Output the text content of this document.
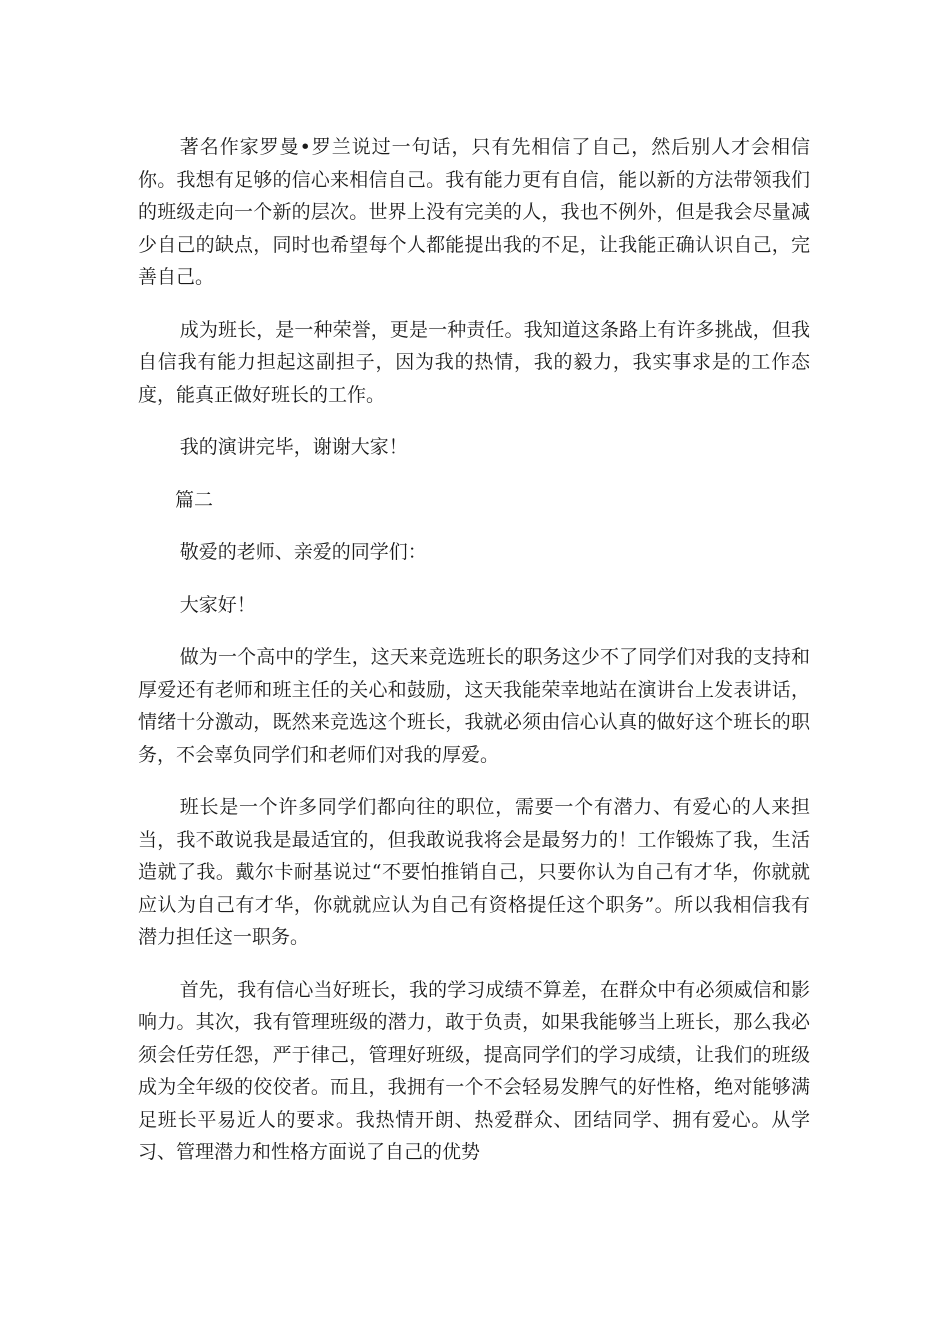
著名作家罗曼•罗兰说过一句话，只有先相信了自己，然后别人才会相信你。我想有足够的信心来相信自己。我有能力更有自信，能以新的方法带领我们的班级走向一个新的层次。世界上没有完美的人，我也不例外，但是我会尽量减少自己的缺点，同时也希望每个人都能提出我的不足，让我能正确认识自己，完善自己。

成为班长，是一种荣誉，更是一种责任。我知道这条路上有许多挑战，但我自信我有能力担起这副担子，因为我的热情，我的毅力，我实事求是的工作态度，能真正做好班长的工作。

我的演讲完毕，谢谢大家！

篇二

敬爱的老师、亲爱的同学们：

大家好！

做为一个高中的学生，这天来竞选班长的职务这少不了同学们对我的支持和厚爱还有老师和班主任的关心和鼓励，这天我能荣幸地站在演讲台上发表讲话，情绪十分激动，既然来竞选这个班长，我就必须由信心认真的做好这个班长的职务，不会辜负同学们和老师们对我的厚爱。

班长是一个许多同学们都向往的职位，需要一个有潜力、有爱心的人来担当，我不敢说我是最适宜的，但我敢说我将会是最努力的！工作锻炼了我，生活造就了我。戴尔卡耐基说过“不要怕推销自己，只要你认为自己有才华，你就就应认为自己有才华，你就就应认为自己有资格提任这个职务”。所以我相信我有潜力担任这一职务。

首先，我有信心当好班长，我的学习成绩不算差，在群众中有必须威信和影响力。其次，我有管理班级的潜力，敢于负责，如果我能够当上班长，那么我必须会任劳任怨，严于律己，管理好班级，提高同学们的学习成绩，让我们的班级成为全年级的佼佼者。而且，我拥有一个不会轻易发脾气的好性格，绝对能够满足班长平易近人的要求。我热情开朗、热爱群众、团结同学、拥有爱心。从学习、管理潜力和性格方面说了自己的优势
